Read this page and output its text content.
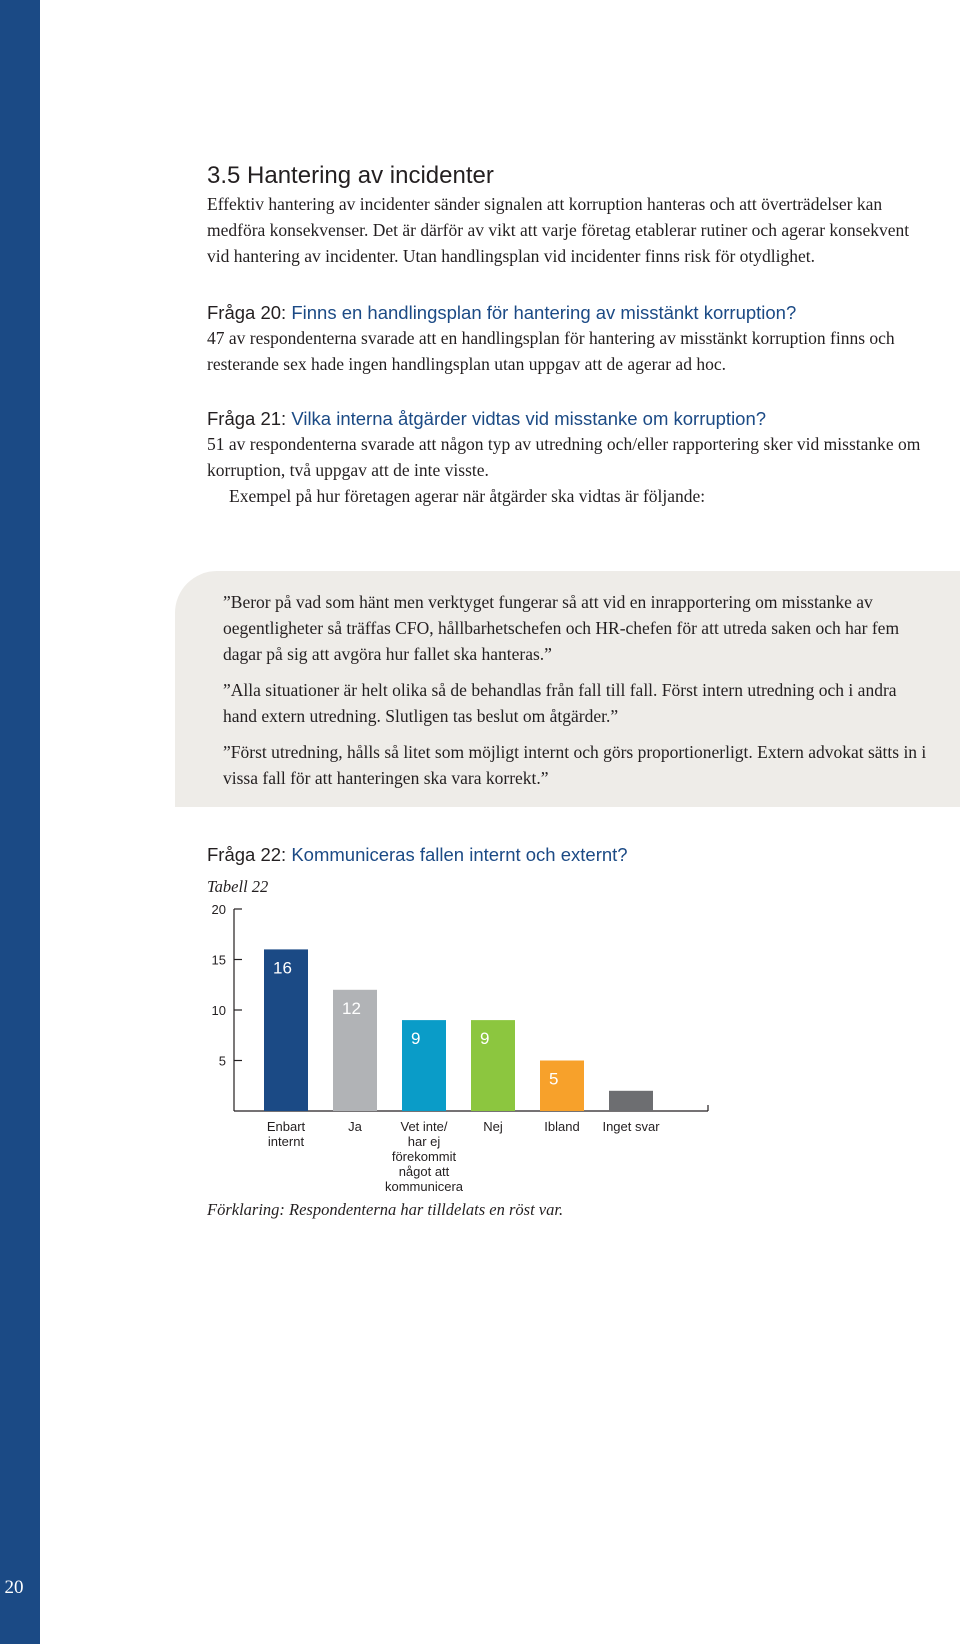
20
3.5 Hantering av incidenter

Effektiv hantering av incidenter sänder signalen att korruption hanteras och att överträdelser kan medföra konsekvenser. Det är därför av vikt att varje företag etablerar rutiner och agerar konsekvent vid hantering av incidenter. Utan handlingsplan vid incidenter finns risk för otydlighet.

Fråga 20: Finns en handlingsplan för hantering av misstänkt korruption?

47 av respondenterna svarade att en handlingsplan för hantering av misstänkt korruption finns och resterande sex hade ingen handlingsplan utan uppgav att de agerar ad hoc.

Fråga 21: Vilka interna åtgärder vidtas vid misstanke om korruption?

51 av respondenterna svarade att någon typ av utredning och/eller rapportering sker vid misstanke om korruption, två uppgav att de inte visste.

Exempel på hur företagen agerar när åtgärder ska vidtas är följande:

”Beror på vad som hänt men verktyget fungerar så att vid en inrapportering om misstanke av oegentligheter så träffas CFO, hållbarhetschefen och HR-chefen för att utreda saken och har fem dagar på sig att avgöra hur fallet ska hanteras.”

”Alla situationer är helt olika så de behandlas från fall till fall. Först intern utredning och i andra hand extern utredning. Slutligen tas beslut om åtgärder.”

”Först utredning, hålls så litet som möjligt internt och görs proportionerligt. Extern advokat sätts in i vissa fall för att hanteringen ska vara korrekt.”

Fråga 22: Kommuniceras fallen internt och externt?
Tabell 22
5
10
15
20
16
Enbart internt
12
Ja
9
Vet inte/ har ej förekommit något att kommunicera
9
Nej
5
Ibland Inget svar
Förklaring: Respondenterna har tilldelats en röst var.
